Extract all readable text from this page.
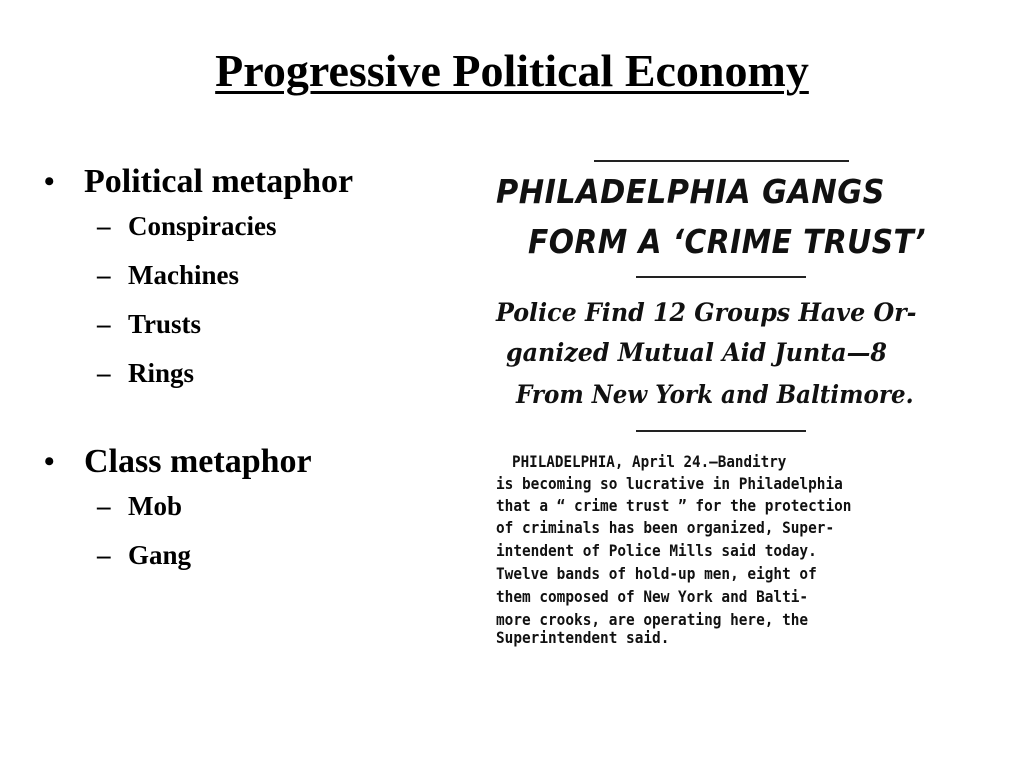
Progressive Political Economy
• Political metaphor
– Conspiracies
– Machines
– Trusts
– Rings
• Class metaphor
– Mob
– Gang
PHILADELPHIA GANGS
FORM A ‘CRIME TRUST’
Police Find 12 Groups Have Or-
ganized Mutual Aid Junta—8
From New York and Baltimore.
PHILADELPHIA, April 24.—Banditry
is becoming so lucrative in Philadelphia
that a “ crime trust ” for the protection
of criminals has been organized, Super-
intendent of Police Mills said today.
Twelve bands of hold-up men, eight of
them composed of New York and Balti-
more crooks, are operating here, the
Superintendent said.
